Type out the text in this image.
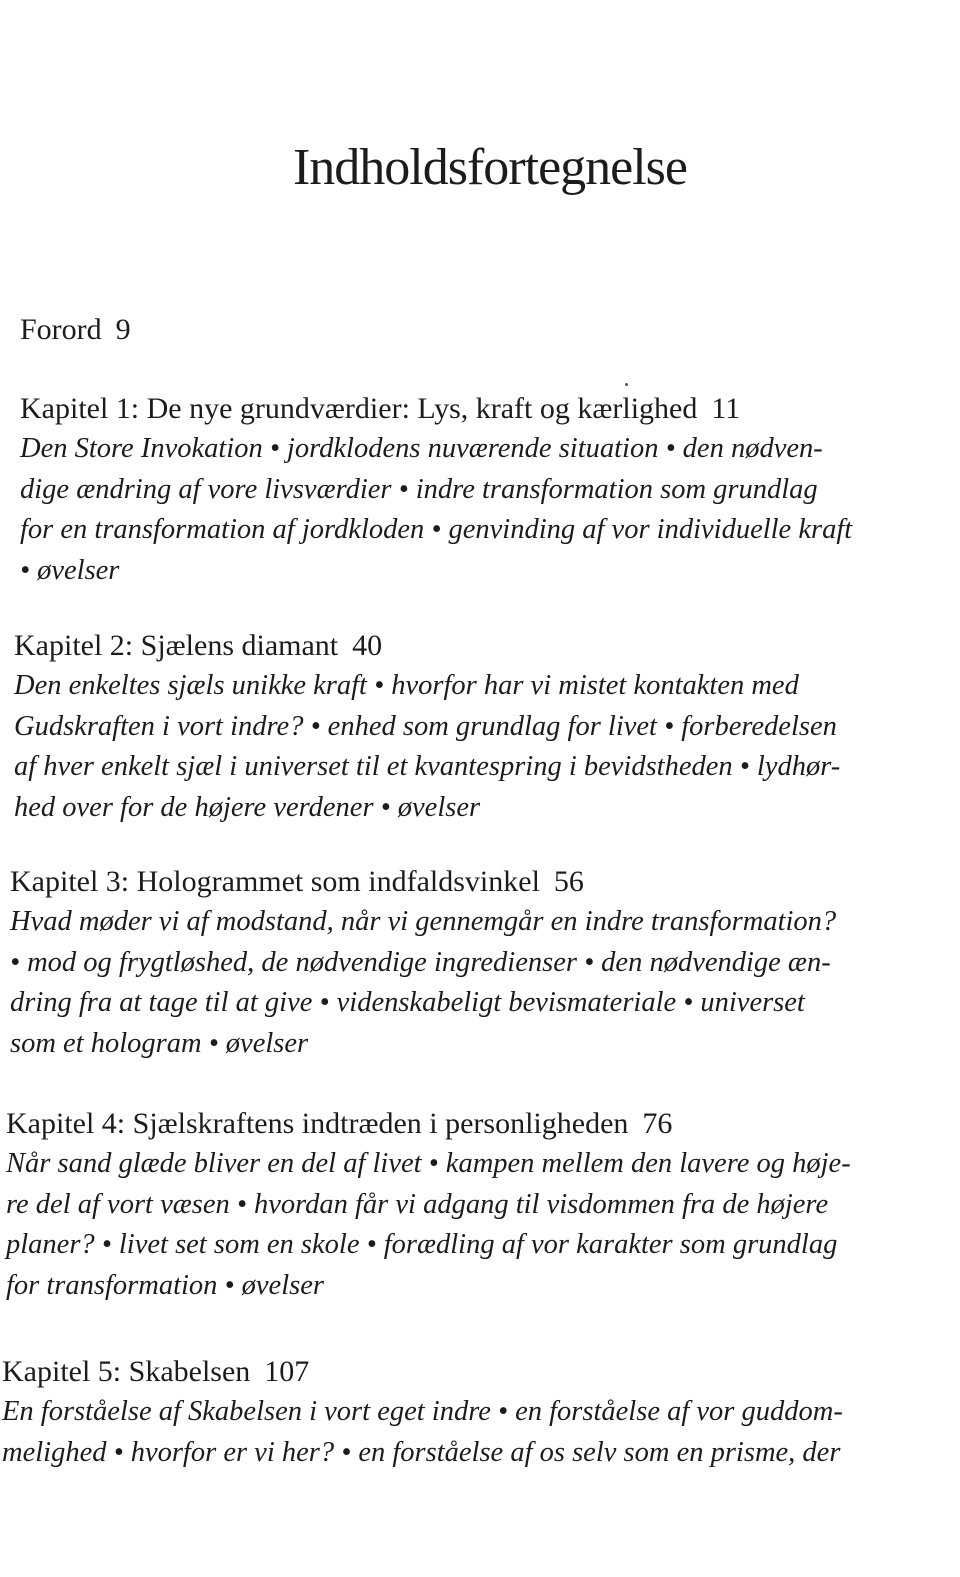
Indholdsfortegnelse
Forord 9
Kapitel 1: De nye grundværdier: Lys, kraft og kærlighed 11

Den Store Invokation • jordklodens nuværende situation • den nødven-
dige ændring af vore livsværdier • indre transformation som grundlag
for en transformation af jordkloden • genvinding af vor individuelle kraft
• øvelser

Kapitel 2: Sjælens diamant 40

Den enkeltes sjæls unikke kraft • hvorfor har vi mistet kontakten med
Gudskraften i vort indre? • enhed som grundlag for livet • forberedelsen
af hver enkelt sjæl i universet til et kvantespring i bevidstheden • lydhør-
hed over for de højere verdener • øvelser

Kapitel 3: Hologrammet som indfaldsvinkel 56

Hvad møder vi af modstand, når vi gennemgår en indre transformation?
• mod og frygtløshed, de nødvendige ingredienser • den nødvendige æn-
dring fra at tage til at give • videnskabeligt bevismateriale • universet
som et hologram • øvelser

Kapitel 4: Sjælskraftens indtræden i personligheden 76

Når sand glæde bliver en del af livet • kampen mellem den lavere og høje-
re del af vort væsen • hvordan får vi adgang til visdommen fra de højere
planer? • livet set som en skole • forædling af vor karakter som grundlag
for transformation • øvelser

Kapitel 5: Skabelsen 107

En forståelse af Skabelsen i vort eget indre • en forståelse af vor guddom-
melighed • hvorfor er vi her? • en forståelse af os selv som en prisme, der
